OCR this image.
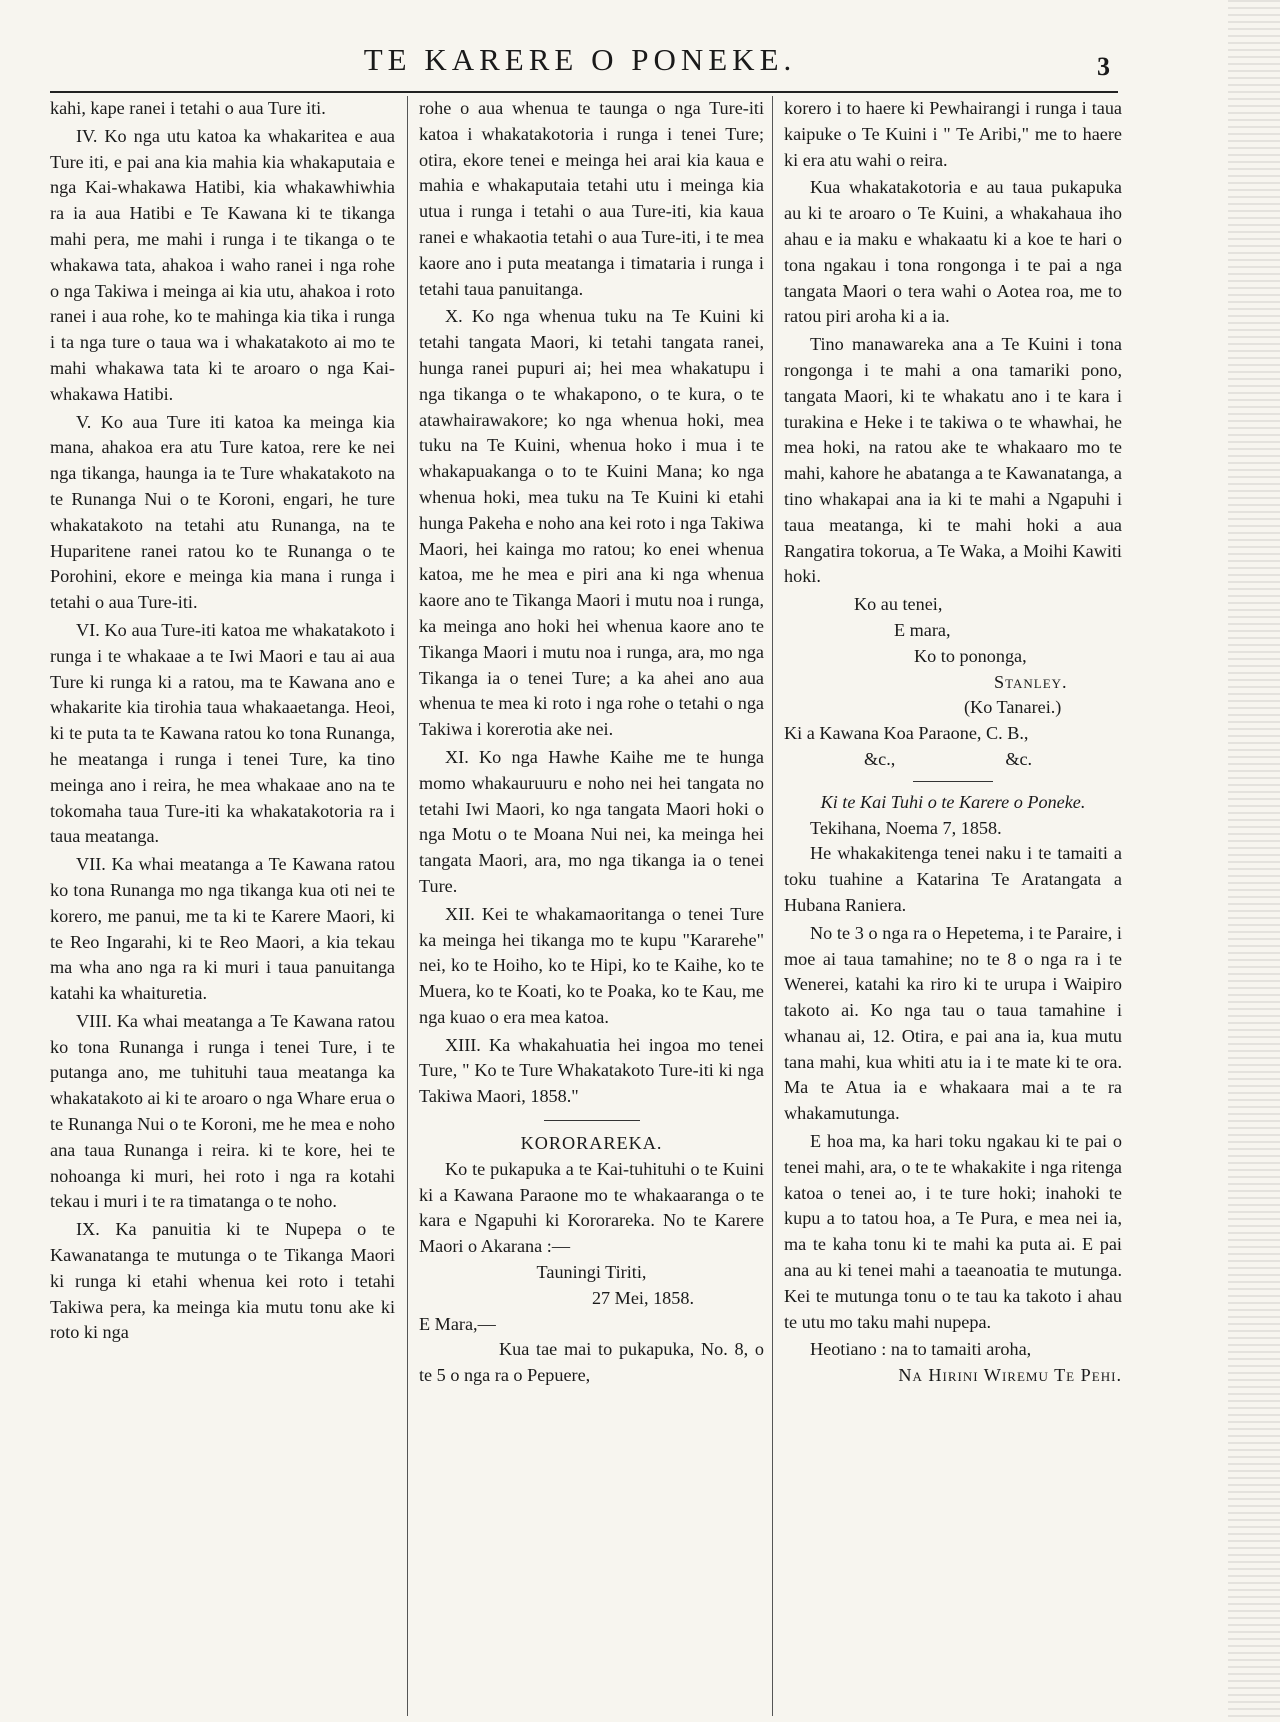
TE KARERE O PONEKE.	3

kahi, kape ranei i tetahi o aua Ture iti.

IV. Ko nga utu katoa ka whakaritea e aua Ture iti, e pai ana kia mahia kia whakaputaia e nga Kai-whakawa Hatibi, kia whakawhiwhia ra ia aua Hatibi e Te Kawana ki te tikanga mahi pera, me mahi i runga i te tikanga o te whakawa tata, ahakoa i waho ranei i nga rohe o nga Takiwa i meinga ai kia utu, ahakoa i roto ranei i aua rohe, ko te mahinga kia tika i runga i ta nga ture o taua wa i whakatakoto ai mo te mahi whakawa tata ki te aroaro o nga Kai-whakawa Hatibi.

V. Ko aua Ture iti katoa ka meinga kia mana, ahakoa era atu Ture katoa, rere ke nei nga tikanga, haunga ia te Ture whakatakoto na te Runanga Nui o te Koroni, engari, he ture whakatakoto na tetahi atu Runanga, na te Huparitene ranei ratou ko te Runanga o te Porohini, ekore e meinga kia mana i runga i tetahi o aua Ture-iti.

VI. Ko aua Ture-iti katoa me whakatakoto i runga i te whakaae a te Iwi Maori e tau ai aua Ture ki runga ki a ratou, ma te Kawana ano e whakarite kia tirohia taua whakaaetanga. Heoi, ki te puta ta te Kawana ratou ko tona Runanga, he meatanga i runga i tenei Ture, ka tino meinga ano i reira, he mea whakaae ano na te tokomaha taua Ture-iti ka whakatakotoria ra i taua meatanga.

VII. Ka whai meatanga a Te Kawana ratou ko tona Runanga mo nga tikanga kua oti nei te korero, me panui, me ta ki te Karere Maori, ki te Reo Ingarahi, ki te Reo Maori, a kia tekau ma wha ano nga ra ki muri i taua panuitanga katahi ka whaituretia.

VIII. Ka whai meatanga a Te Kawana ratou ko tona Runanga i runga i tenei Ture, i te putanga ano, me tuhituhi taua meatanga ka whakatakoto ai ki te aroaro o nga Whare erua o te Runanga Nui o te Koroni, me he mea e noho ana taua Runanga i reira. ki te kore, hei te nohoanga ki muri, hei roto i nga ra kotahi tekau i muri i te ra timatanga o te noho.

IX. Ka panuitia ki te Nupepa o te Kawanatanga te mutunga o te Tikanga Maori ki runga ki etahi whenua kei roto i tetahi Takiwa pera, ka meinga kia mutu tonu ake ki roto ki nga

rohe o aua whenua te taunga o nga Ture-iti katoa i whakatakotoria i runga i tenei Ture; otira, ekore tenei e meinga hei arai kia kaua e mahia e whakaputaia tetahi utu i meinga kia utua i runga i tetahi o aua Ture-iti, kia kaua ranei e whakaotia tetahi o aua Ture-iti, i te mea kaore ano i puta meatanga i timataria i runga i tetahi taua panuitanga.

X. Ko nga whenua tuku na Te Kuini ki tetahi tangata Maori, ki tetahi tangata ranei, hunga ranei pupuri ai; hei mea whakatupu i nga tikanga o te whakapono, o te kura, o te atawhairawakore; ko nga whenua hoki, mea tuku na Te Kuini, whenua hoko i mua i te whakapuakanga o to te Kuini Mana; ko nga whenua hoki, mea tuku na Te Kuini ki etahi hunga Pakeha e noho ana kei roto i nga Takiwa Maori, hei kainga mo ratou; ko enei whenua katoa, me he mea e piri ana ki nga whenua kaore ano te Tikanga Maori i mutu noa i runga, ka meinga ano hoki hei whenua kaore ano te Tikanga Maori i mutu noa i runga, ara, mo nga Tikanga ia o tenei Ture; a ka ahei ano aua whenua te mea ki roto i nga rohe o tetahi o nga Takiwa i korerotia ake nei.

XI. Ko nga Hawhe Kaihe me te hunga momo whakauruuru e noho nei hei tangata no tetahi Iwi Maori, ko nga tangata Maori hoki o nga Motu o te Moana Nui nei, ka meinga hei tangata Maori, ara, mo nga tikanga ia o tenei Ture.

XII. Kei te whakamaoritanga o tenei Ture ka meinga hei tikanga mo te kupu "Kararehe" nei, ko te Hoiho, ko te Hipi, ko te Kaihe, ko te Muera, ko te Koati, ko te Poaka, ko te Kau, me nga kuao o era mea katoa.

XIII. Ka whakahuatia hei ingoa mo tenei Ture, " Ko te Ture Whakatakoto Ture-iti ki nga Takiwa Maori, 1858."

KORORAREKA.

Ko te pukapuka a te Kai-tuhituhi o te Kuini ki a Kawana Paraone mo te whakaaranga o te kara e Ngapuhi ki Kororareka. No te Karere Maori o Akarana :—

Tauningi Tiriti,

27 Mei, 1858.

E Mara,—

Kua tae mai to pukapuka, No. 8, o te 5 o nga ra o Pepuere,

korero i to haere ki Pewhairangi i runga i taua kaipuke o Te Kuini i " Te Aribi," me to haere ki era atu wahi o reira.

Kua whakatakotoria e au taua pukapuka au ki te aroaro o Te Kuini, a whakahaua iho ahau e ia maku e whakaatu ki a koe te hari o tona ngakau i tona rongonga i te pai a nga tangata Maori o tera wahi o Aotea roa, me to ratou piri aroha ki a ia.

Tino manawareka ana a Te Kuini i tona rongonga i te mahi a ona tamariki pono, tangata Maori, ki te whakatu ano i te kara i turakina e Heke i te takiwa o te whawhai, he mea hoki, na ratou ake te whakaaro mo te mahi, kahore he abatanga a te Kawanatanga, a tino whakapai ana ia ki te mahi a Ngapuhi i taua meatanga, ki te mahi hoki a aua Rangatira tokorua, a Te Waka, a Moihi Kawiti hoki.

Ko au tenei,

E mara,

Ko to pononga,

Stanley.

(Ko Tanarei.)

Ki a Kawana Koa Paraone, C. B.,

&c.,	&c.

Ki te Kai Tuhi o te Karere o Poneke.

Tekihana, Noema 7, 1858.

He whakakitenga tenei naku i te tamaiti a toku tuahine a Katarina Te Aratangata a Hubana Raniera.

No te 3 o nga ra o Hepetema, i te Paraire, i moe ai taua tamahine; no te 8 o nga ra i te Wenerei, katahi ka riro ki te urupa i Waipiro takoto ai. Ko nga tau o taua tamahine i whanau ai, 12. Otira, e pai ana ia, kua mutu tana mahi, kua whiti atu ia i te mate ki te ora. Ma te Atua ia e whakaara mai a te ra whakamutunga.

E hoa ma, ka hari toku ngakau ki te pai o tenei mahi, ara, o te te whakakite i nga ritenga katoa o tenei ao, i te ture hoki; inahoki te kupu a to tatou hoa, a Te Pura, e mea nei ia, ma te kaha tonu ki te mahi ka puta ai. E pai ana au ki tenei mahi a taeanoatia te mutunga. Kei te mutunga tonu o te tau ka takoto i ahau te utu mo taku mahi nupepa.

Heotiano : na to tamaiti aroha,

Na Hirini Wiremu Te Pehi.
